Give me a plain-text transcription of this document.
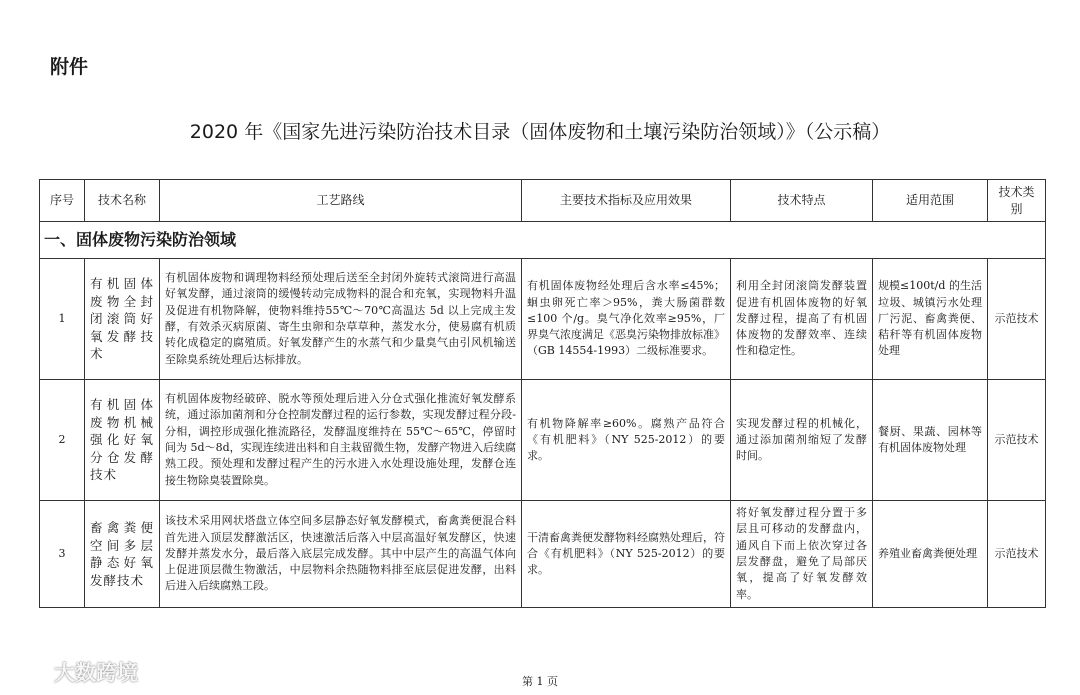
附件
2020 年《国家先进污染防治技术目录（固体废物和土壤污染防治领域）》（公示稿）
序号	技术名称	工艺路线	主要技术指标及应用效果	技术特点	适用范围	技术类别
一、固体废物污染防治领域						
1	有机固体废物全封闭滚筒好氧发酵技术	有机固体废物和调理物料经预处理后送至全封闭外旋转式滚筒进行高温好氧发酵，通过滚筒的缓慢转动完成物料的混合和充氧，实现物料升温及促进有机物降解，使物料维持55℃～70℃高温达 5d 以上完成主发酵，有效杀灭病原菌、寄生虫卵和杂草草种，蒸发水分，使易腐有机质转化成稳定的腐殖质。好氧发酵产生的水蒸气和少量臭气由引风机输送至除臭系统处理后达标排放。	有机固体废物经处理后含水率≤45%；蛔虫卵死亡率＞95%，粪大肠菌群数≤100 个/g。臭气净化效率≥95%，厂界臭气浓度满足《恶臭污染物排放标准》（GB 14554-1993）二级标准要求。	利用全封闭滚筒发酵装置促进有机固体废物的好氧发酵过程，提高了有机固体废物的发酵效率、连续性和稳定性。	规模≤100t/d 的生活垃圾、城镇污水处理厂污泥、畜禽粪便、秸秆等有机固体废物处理	示范技术
2	有机固体废物机械强化好氧分仓发酵技术	有机固体废物经破碎、脱水等预处理后进入分仓式强化推流好氧发酵系统，通过添加菌剂和分仓控制发酵过程的运行参数，实现发酵过程分段-分相，调控形成强化推流路径，发酵温度维持在 55℃～65℃，停留时间为 5d～8d，实现连续进出料和自主栽留微生物，发酵产物进入后续腐熟工段。预处理和发酵过程产生的污水进入水处理设施处理，发酵仓连接生物除臭装置除臭。	有机物降解率≥60%。腐熟产品符合《有机肥料》（NY 525-2012）的要求。	实现发酵过程的机械化，通过添加菌剂缩短了发酵时间。	餐厨、果蔬、园林等有机固体废物处理	示范技术
3	畜禽粪便空间多层静态好氧发酵技术	该技术采用网状塔盘立体空间多层静态好氧发酵模式，畜禽粪便混合料首先进入顶层发酵激活区，快速激活后落入中层高温好氧发酵区，快速发酵并蒸发水分，最后落入底层完成发酵。其中中层产生的高温气体向上促进顶层微生物激活，中层物料余热随物料排至底层促进发酵，出料后进入后续腐熟工段。	干清畜禽粪便发酵物料经腐熟处理后，符合《有机肥料》（NY 525-2012）的要求。	将好氧发酵过程分置于多层且可移动的发酵盘内，通风自下而上依次穿过各层发酵盘，避免了局部厌氧，提高了好氧发酵效率。	养殖业畜禽粪便处理	示范技术
第 1 页
大数跨境
